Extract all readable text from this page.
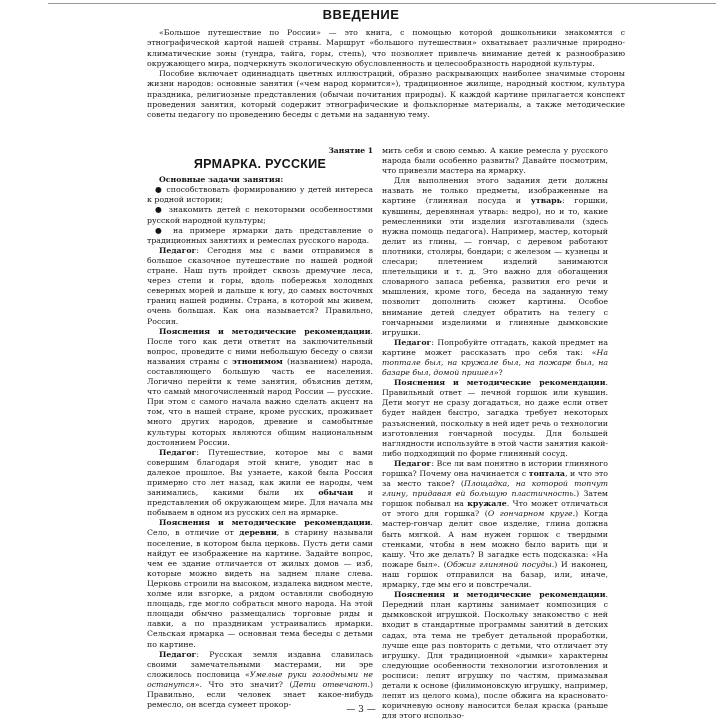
ВВЕДЕНИЕ

«Большое путешествие по России» — это книга, с помощью которой дошкольники знакомятся с этнографической картой нашей страны. Маршрут «большого путешествия» охватывает различные природно-климатические зоны (тундра, тайга, горы, степь), что позволяет привлечь внимание детей к разнообразию окружающего мира, подчеркнуть экологическую обусловленность и целесообразность народной культуры.

Пособие включает одиннадцать цветных иллюстраций, образно раскрывающих наиболее значимые стороны жизни народов: основные занятия («чем народ кормится»), традиционное жилище, народный костюм, культура праздника, религиозные представления (обычаи почитания природы). К каждой картине прилагается конспект проведения занятия, который содержит этнографические и фольклорные материалы, а также методические советы педагогу по проведению беседы с детьми на заданную тему.

Занятие 1

ЯРМАРКА. РУССКИЕ

Основные задачи занятия:

● способствовать формированию у детей интереса к родной истории;

● знакомить детей с некоторыми особенностями русской народной культуры;

● на примере ярмарки дать представление о традиционных занятиях и ремеслах русского народа.

Педагог: Сегодня мы с вами отправимся в большое сказочное путешествие по нашей родной стране. Наш путь пройдет сквозь дремучие леса, через степи и горы, вдоль побережья холодных северных морей и дальше к югу, до самых восточных границ нашей родины. Страна, в которой мы живем, очень большая. Как она называется? Правильно, Россия.

Пояснения и методические рекомендации. После того как дети ответят на заключительный вопрос, проведите с ними небольшую беседу о связи названия страны с этнонимом (названием) народа, составляющего большую часть ее населения. Логично перейти к теме занятия, объяснив детям, что самый многочисленный народ России — русские. При этом с самого начала важно сделать акцент на том, что в нашей стране, кроме русских, проживает много других народов, древние и самобытные культуры которых являются общим национальным достоянием России.

Педагог: Путешествие, которое мы с вами совершим благодаря этой книге, уводит нас в далекое прошлое. Вы узнаете, какой была Россия примерно сто лет назад, как жили ее народы, чем занимались, какими были их обычаи и представления об окружающем мире. Для начала мы побываем в одном из русских сел на ярмарке.

Пояснения и методические рекомендации. Село, в отличие от деревни, в старину называли поселение, в котором была церковь. Пусть дети сами найдут ее изображение на картине. Задайте вопрос, чем ее здание отличается от жилых домов — изб, которые можно видеть на заднем плане слева. Церковь строили на высоком, издалека видном месте, холме или взгорке, а рядом оставляли свободную площадь, где могло собраться много народа. На этой площади обычно размещались торговые ряды и лавки, а по праздникам устраивались ярмарки. Сельская ярмарка — основная тема беседы с детьми по картине.

Педагог: Русская земля издавна славилась своими замечательными мастерами, ни эре сложилось пословица «Умелые руки голодными не останутся». Что это значит? (Дети отвечают.) Правильно, если человек знает какое-нибудь ремесло, он всегда сумеет прокор-

мить себя и свою семью. А какие ремесла у русского народа были особенно развиты? Давайте посмотрим, что привезли мастера на ярмарку.

Для выполнения этого задания дети должны назвать не только предметы, изображенные на картине (глиняная посуда и утварь: горшки, кувшины, деревянная утварь: ведро), но и то, какие ремесленники эти изделия изготавливали (здесь нужна помощь педагога). Например, мастер, который делит из глины, — гончар, с деревом работают плотники, столяры, бондари; с железом — кузнецы и слесари; плетением изделий занимаются плетельщики и т. д. Это важно для обогащения словарного запаса ребенка, развития его речи и мышления, кроме того, беседа на заданную тему позволит дополнить сюжет картины. Особое внимание детей следует обратить на телегу с гончарными изделиями и глиняные дымковские игрушки.

Педагог: Попробуйте отгадать, какой предмет на картине может рассказать про себя так: «На топтале был, на кружале был, на пожаре был, на базаре был, домой пришел»?

Пояснения и методические рекомендации. Правильный ответ — печной горшок или кувшин. Дети могут не сразу догадаться, но даже если ответ будет найден быстро, загадка требует некоторых разъяснений, поскольку в ней идет речь о технологии изготовления гончарной посуды. Для большей наглядности используйте в этой части занятия какой-либо подходящий по форме глиняный сосуд.

Педагог: Все ли вам понятно в истории глиняного горшка? Почему она начинается с топтала, и что это за место такое? (Площадка, на которой топчут глину, придавая ей большую пластичность.) Затем горшок побывал на кружале. Что может отличаться от этого для горшка? (О гончарном круге.) Когда мастер-гончар делит свое изделие, глина должна быть мягкой. А нам нужен горшок с твердыми стенками, чтобы в нем можно было варить щи и кашу. Что же делать? В загадке есть подсказка: «На пожаре был». (Обжиг глиняной посуды.) И наконец, наш горшок отправился на базар, или, иначе, ярмарку, где мы его и повстречали.

Пояснения и методические рекомендации. Передний план картины занимает композиция с дымковской игрушкой. Поскольку знакомство с ней входит в стандартные программы занятий в детских садах, эта тема не требует детальной проработки, лучше еще раз повторить с детьми, что отличает эту игрушку. Для традиционной «дымки» характерны следующие особенности технологии изготовления и росписи: лепят игрушку по частям, примазывая детали к основе (филимоновскую игрушку, например, лепят из целого кома), после обжига на красновато-коричневую основу наносится белая краска (раньше для этого использо-

— 3 —
